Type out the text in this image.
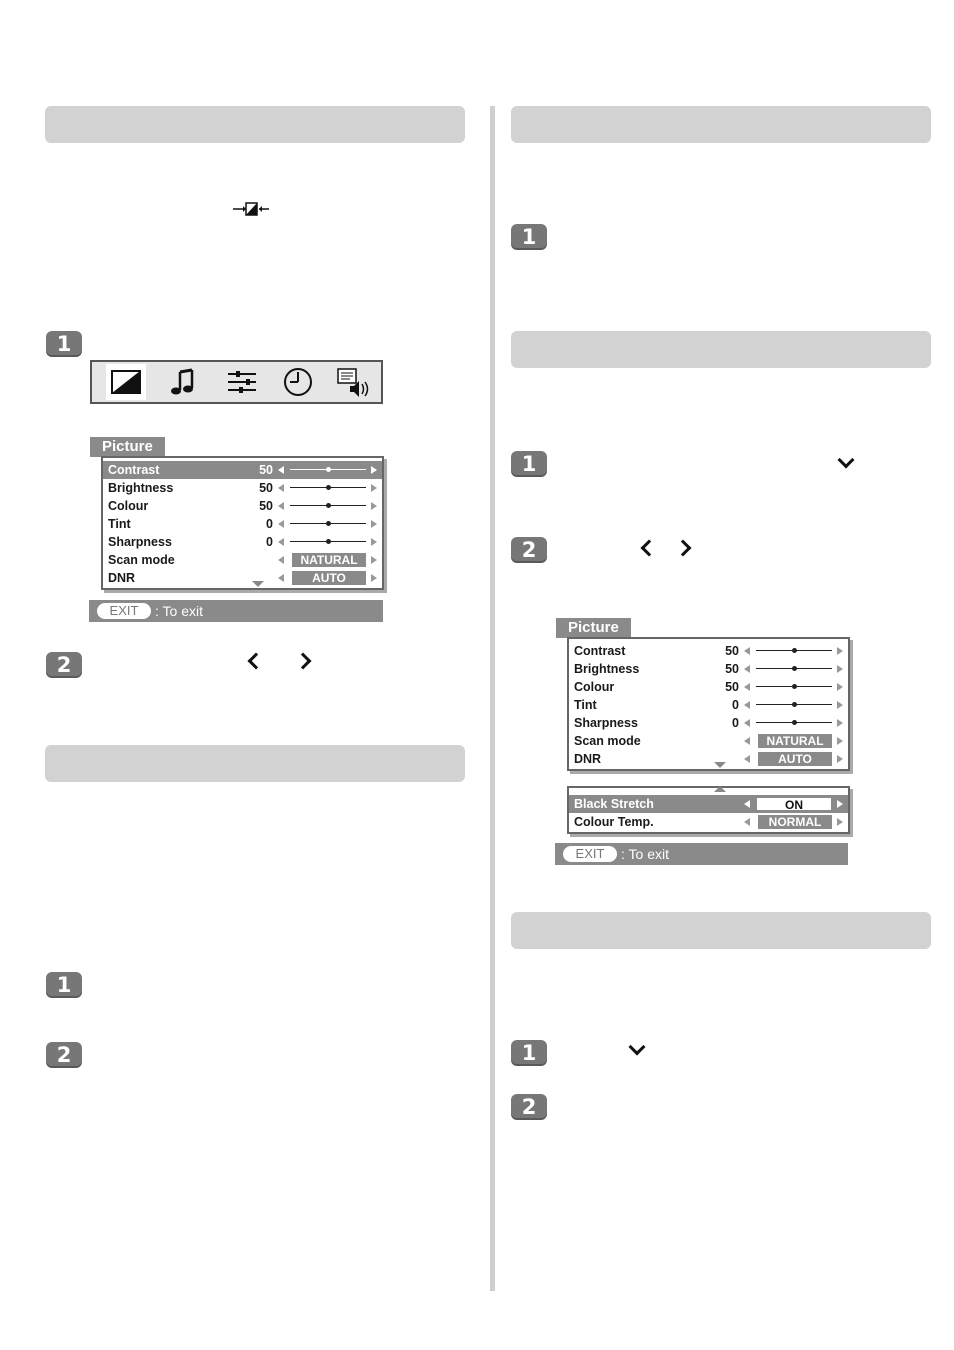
1
2
1
2
1
1
2
1
2
Picture
Contrast	50
Brightness	50
Colour	50
Tint	0
Sharpness	0
Scan mode	NATURAL
DNR	AUTO
EXIT	: To exit
Picture
Contrast	50
Brightness	50
Colour	50
Tint	0
Sharpness	0
Scan mode	NATURAL
DNR	AUTO
Black Stretch	ON
Colour Temp.	NORMAL
EXIT	: To exit
